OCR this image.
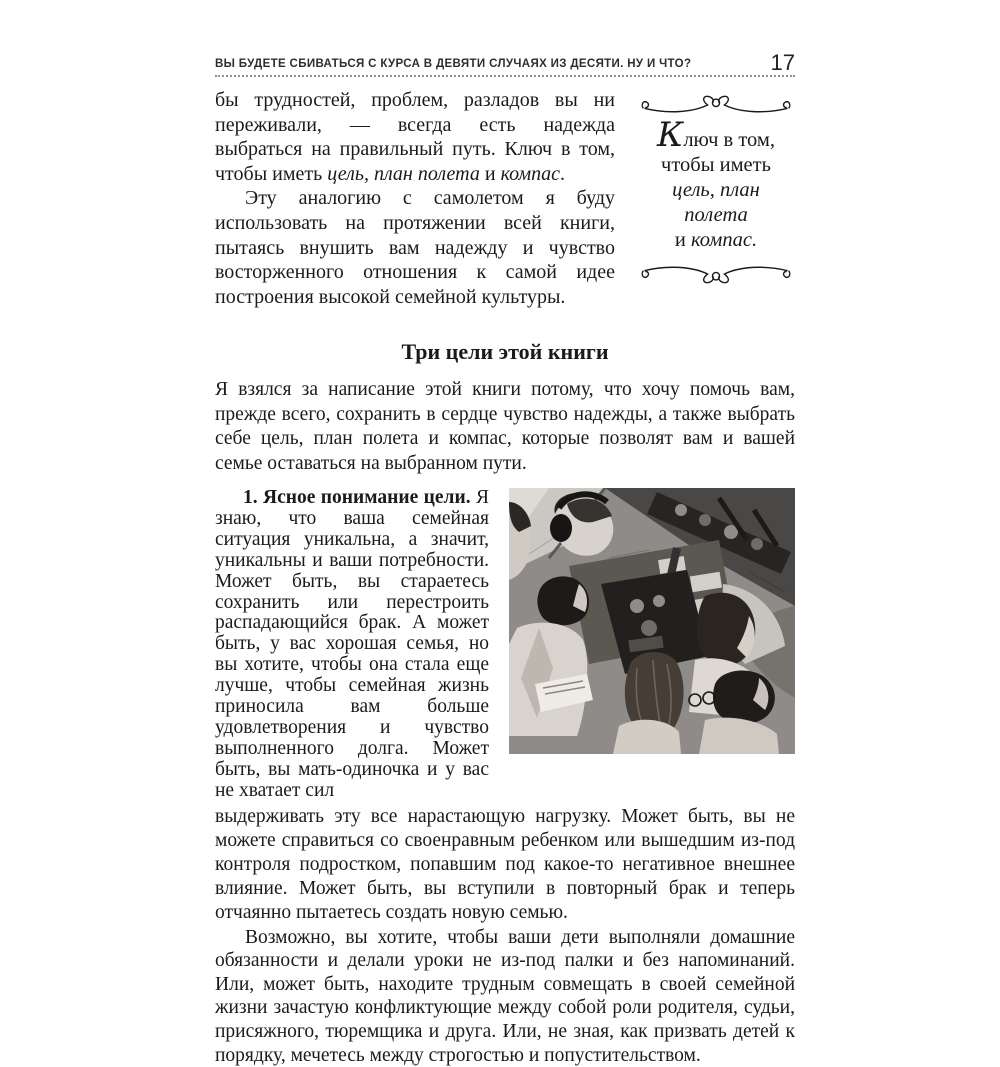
ВЫ БУДЕТЕ СБИВАТЬСЯ С КУРСА В ДЕВЯТИ СЛУЧАЯХ ИЗ ДЕСЯТИ. НУ И ЧТО?	17

бы трудностей, проблем, разладов вы ни переживали, — всегда есть надежда выбраться на правильный путь. Ключ в том, чтобы иметь цель, план полета и компас.

Эту аналогию с самолетом я буду использовать на протяжении всей книги, пытаясь внушить вам надежду и чувство восторженного отношения к самой идее построения высокой семейной культуры.

Ключ в том,
чтобы иметь
цель, план
полета
и компас.
Три цели этой книги

Я взялся за написание этой книги потому, что хочу помочь вам, прежде всего, сохранить в сердце чувство надежды, а также выбрать себе цель, план полета и компас, которые позволят вам и вашей семье оставаться на выбранном пути.

1. Ясное понимание цели. Я знаю, что ваша семейная ситуация уникальна, а значит, уникальны и ваши потребности. Может быть, вы стараетесь сохранить или перестроить распадающийся брак. А может быть, у вас хорошая семья, но вы хотите, чтобы она стала еще лучше, чтобы семейная жизнь приносила вам больше удовлетворения и чувство выполненного долга. Может быть, вы мать-одиночка и у вас не хватает сил

выдерживать эту все нарастающую нагрузку. Может быть, вы не можете справиться со своенравным ребенком или вышедшим из-под контроля подростком, попавшим под какое-то негативное внешнее влияние. Может быть, вы вступили в повторный брак и теперь отчаянно пытаетесь создать новую семью.

Возможно, вы хотите, чтобы ваши дети выполняли домашние обязанности и делали уроки не из-под палки и без напоминаний. Или, может быть, находите трудным совмещать в своей семейной жизни зачастую конфликтующие между собой роли родителя, судьи, присяжного, тюремщика и друга. Или, не зная, как призвать детей к порядку, мечетесь между строгостью и попустительством.
